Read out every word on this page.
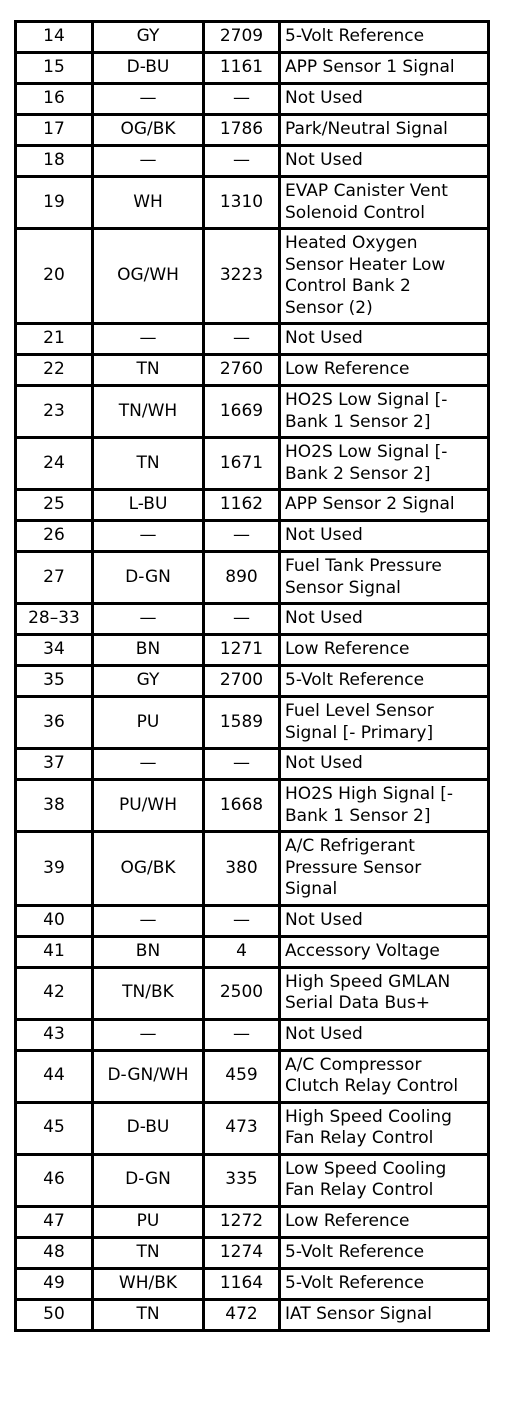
14	GY	2709	5-Volt Reference

15	D-BU	1161	APP Sensor 1 Signal

16	—	—	Not Used

17	OG/BK	1786	Park/Neutral Signal

18	—	—	Not Used

19	WH	1310	EVAP Canister Vent
Solenoid Control

20	OG/WH	3223	Heated Oxygen
Sensor Heater Low
Control Bank 2
Sensor (2)

21	—	—	Not Used

22	TN	2760	Low Reference

23	TN/WH	1669	HO2S Low Signal [-
Bank 1 Sensor 2]

24	TN	1671	HO2S Low Signal [-
Bank 2 Sensor 2]

25	L-BU	1162	APP Sensor 2 Signal

26	—	—	Not Used

27	D-GN	890	Fuel Tank Pressure
Sensor Signal

28–33	—	—	Not Used

34	BN	1271	Low Reference

35	GY	2700	5-Volt Reference

36	PU	1589	Fuel Level Sensor
Signal [- Primary]

37	—	—	Not Used

38	PU/WH	1668	HO2S High Signal [-
Bank 1 Sensor 2]

39	OG/BK	380	A/C Refrigerant
Pressure Sensor
Signal

40	—	—	Not Used

41	BN	4	Accessory Voltage

42	TN/BK	2500	High Speed GMLAN
Serial Data Bus+

43	—	—	Not Used

44	D-GN/WH	459	A/C Compressor
Clutch Relay Control

45	D-BU	473	High Speed Cooling
Fan Relay Control

46	D-GN	335	Low Speed Cooling
Fan Relay Control

47	PU	1272	Low Reference

48	TN	1274	5-Volt Reference

49	WH/BK	1164	5-Volt Reference

50	TN	472	IAT Sensor Signal
